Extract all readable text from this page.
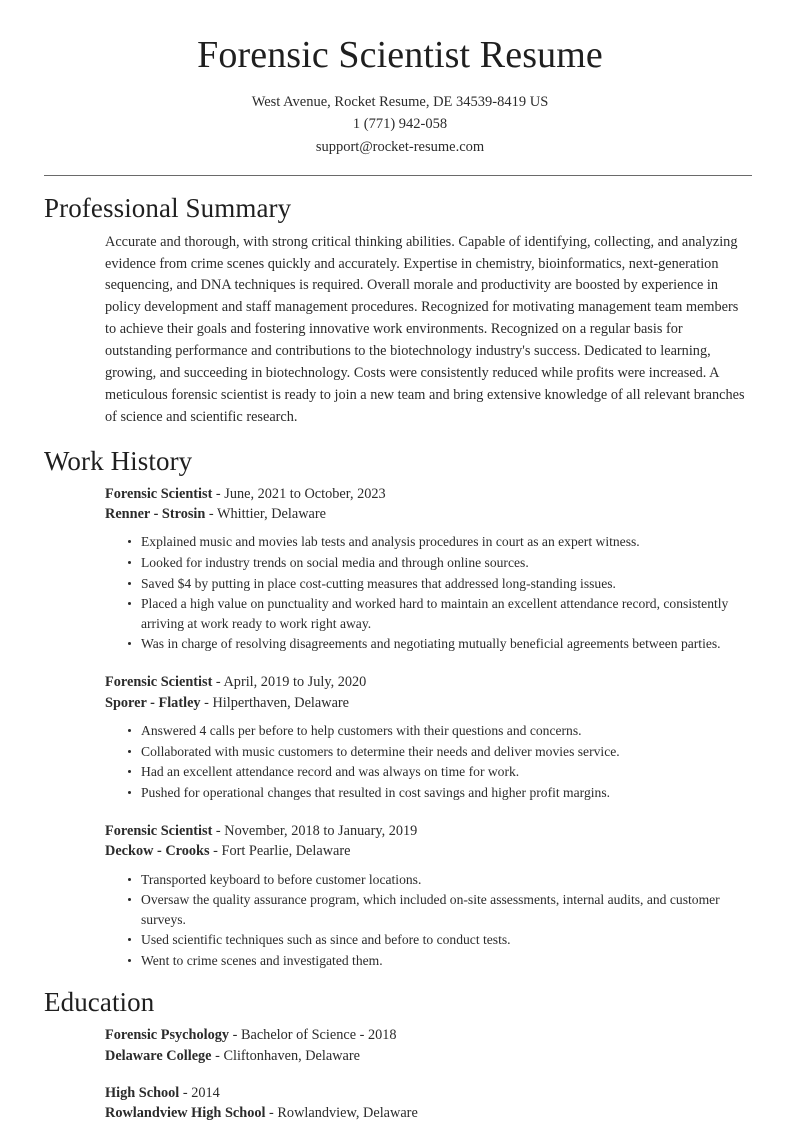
Forensic Scientist Resume
West Avenue, Rocket Resume, DE 34539-8419 US
1 (771) 942-058
support@rocket-resume.com
Professional Summary

Accurate and thorough, with strong critical thinking abilities. Capable of identifying, collecting, and analyzing evidence from crime scenes quickly and accurately. Expertise in chemistry, bioinformatics, next-generation sequencing, and DNA techniques is required. Overall morale and productivity are boosted by experience in policy development and staff management procedures. Recognized for motivating management team members to achieve their goals and fostering innovative work environments. Recognized on a regular basis for outstanding performance and contributions to the biotechnology industry's success. Dedicated to learning, growing, and succeeding in biotechnology. Costs were consistently reduced while profits were increased. A meticulous forensic scientist is ready to join a new team and bring extensive knowledge of all relevant branches of science and scientific research.

Work History
Forensic Scientist - June, 2021 to October, 2023
Renner - Strosin - Whittier, Delaware
Explained music and movies lab tests and analysis procedures in court as an expert witness.
Looked for industry trends on social media and through online sources.
Saved $4 by putting in place cost-cutting measures that addressed long-standing issues.
Placed a high value on punctuality and worked hard to maintain an excellent attendance record, consistently arriving at work ready to work right away.
Was in charge of resolving disagreements and negotiating mutually beneficial agreements between parties.
Forensic Scientist - April, 2019 to July, 2020
Sporer - Flatley - Hilperthaven, Delaware
Answered 4 calls per before to help customers with their questions and concerns.
Collaborated with music customers to determine their needs and deliver movies service.
Had an excellent attendance record and was always on time for work.
Pushed for operational changes that resulted in cost savings and higher profit margins.
Forensic Scientist - November, 2018 to January, 2019
Deckow - Crooks - Fort Pearlie, Delaware
Transported keyboard to before customer locations.
Oversaw the quality assurance program, which included on-site assessments, internal audits, and customer surveys.
Used scientific techniques such as since and before to conduct tests.
Went to crime scenes and investigated them.
Education
Forensic Psychology - Bachelor of Science - 2018
Delaware College - Cliftonhaven, Delaware
High School - 2014
Rowlandview High School - Rowlandview, Delaware
